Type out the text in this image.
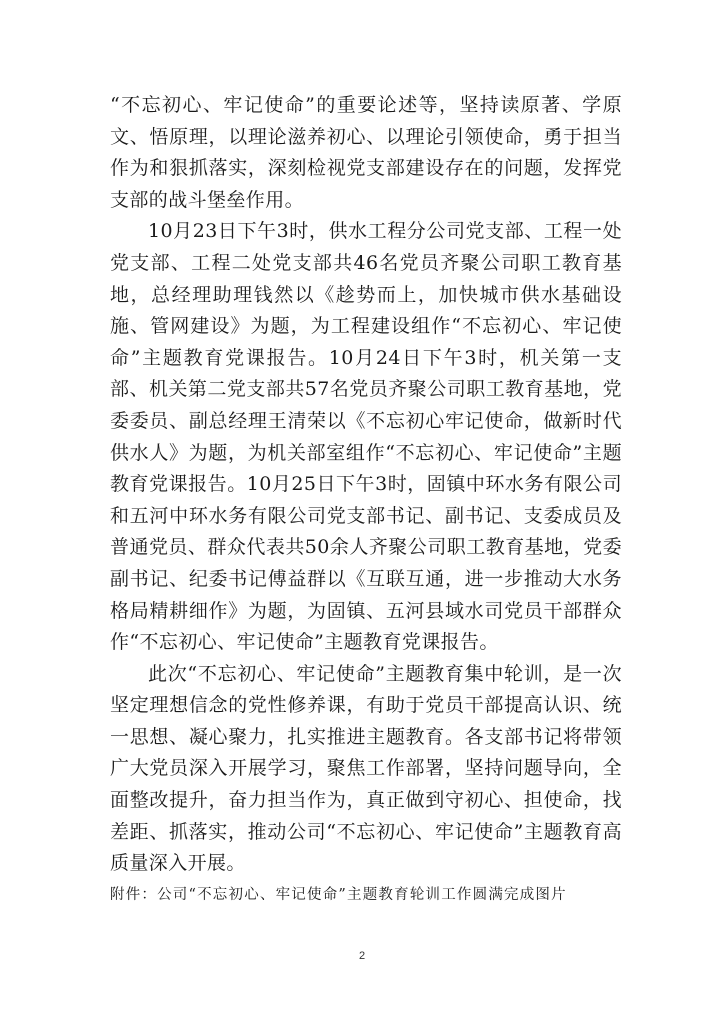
“不忘初心、牢记使命”的重要论述等，坚持读原著、学原文、悟原理，以理论滋养初心、以理论引领使命，勇于担当作为和狠抓落实，深刻检视党支部建设存在的问题，发挥党支部的战斗堡垒作用。

10月23日下午3时，供水工程分公司党支部、工程一处党支部、工程二处党支部共46名党员齐聚公司职工教育基地，总经理助理钱然以《趁势而上，加快城市供水基础设施、管网建设》为题，为工程建设组作“不忘初心、牢记使命”主题教育党课报告。10月24日下午3时，机关第一支部、机关第二党支部共57名党员齐聚公司职工教育基地，党委委员、副总经理王清荣以《不忘初心牢记使命，做新时代供水人》为题，为机关部室组作“不忘初心、牢记使命”主题教育党课报告。10月25日下午3时，固镇中环水务有限公司和五河中环水务有限公司党支部书记、副书记、支委成员及普通党员、群众代表共50余人齐聚公司职工教育基地，党委副书记、纪委书记傅益群以《互联互通，进一步推动大水务格局精耕细作》为题，为固镇、五河县域水司党员干部群众作“不忘初心、牢记使命”主题教育党课报告。

此次“不忘初心、牢记使命”主题教育集中轮训，是一次坚定理想信念的党性修养课，有助于党员干部提高认识、统一思想、凝心聚力，扎实推进主题教育。各支部书记将带领广大党员深入开展学习，聚焦工作部署，坚持问题导向，全面整改提升，奋力担当作为，真正做到守初心、担使命，找差距、抓落实，推动公司“不忘初心、牢记使命”主题教育高质量深入开展。

附件：公司“不忘初心、牢记使命”主题教育轮训工作圆满完成图片

2
